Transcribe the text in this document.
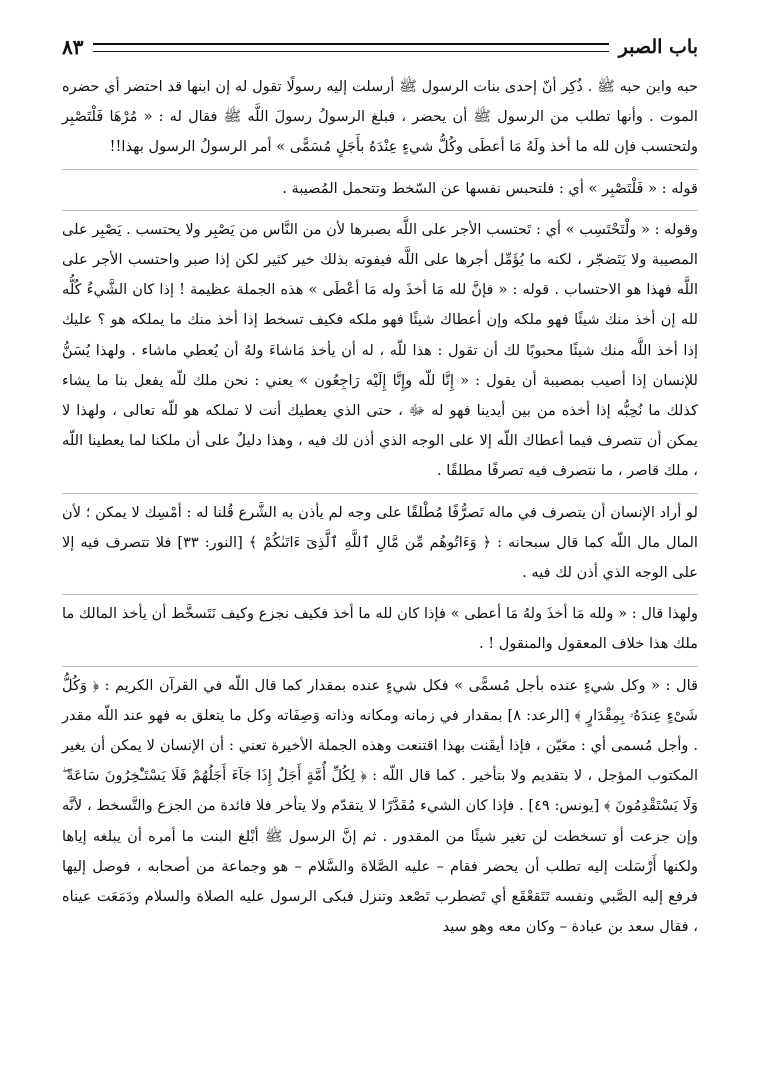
باب الصبر
٨٣

حبه وابن حبه ﷺ . ذُكِر أنّ إحدى بنات الرسول ﷺ أرسلت إليه رسولًا تقول له إن ابنها قد احتضر أي حضره الموت . وأنها تطلب من الرسول ﷺ أن يحضر ، فبلغ الرسولُ رسولَ اللَّه ﷺ فقال له : « مُرْهَا فَلْتَصْبِر ولتحتسب فإن لله ما أخذ ولَهُ مَا أعطَى وكُلُّ شيءٍ عِنْدَهُ بأَجَلٍ مُسَمًّى » أمر الرسولُ الرسول بهذا!!

قوله : « فَلْتَصْبِر » أي : فلتحبس نفسها عن السّخط وتتحمل المُصيبة .

وقوله : « ولْتَحْتَسِب » أي : تَحتسب الأجر على اللَّه بصبرها لأن من النَّاس من يَصْبِر ولا يحتسب . يَصْبِر على المصيبة ولا يَتَضجّر ، لكنه ما يُؤَمِّل أجرها على اللَّه فيفوته بذلك خير كثير لكن إذا صبر واحتسب الأجر على اللَّه فهذا هو الاحتساب . قوله : « فإنَّ لله مَا أخذَ وله مَا أعْطَى » هذه الجملة عظيمة ! إذا كان الشَّيءُ كُلُّه لله إن أخذ منك شيئًا فهو ملكه وإن أعطاك شيئًا فهو ملكه فكيف تسخط إذا أخذ منك ما يملكه هو ؟ عليك إذا أخذ اللَّه منك شيئًا محبوبًا لك أن تقول : هذا للّه ، له أن يأخذ مَاشاءَ ولهُ أن يُعطي ماشاء . ولهذا يُسَنُّ للإنسان إذا أصيب بمصيبة أن يقول : « إِنَّا للّه وإِنَّا إِلَيْه رَاجِعُون » يعني : نحن ملك للّه يفعل بنا ما يشاء كذلك ما نُحِبُّه إذا أخذه من بين أيدينا فهو له ﷻ ، حتى الذي يعطيك أنت لا تملكه هو للّه تعالى ، ولهذا لا يمكن أن تتصرف فيما أعطاك اللّه إلا على الوجه الذي أذن لك فيه ، وهذا دليلٌ على أن ملكنا لما يعطينا اللّه ، ملك قاصر ، ما نتصرف فيه تصرفًا مطلقًا .

لو أراد الإنسان أن يتصرف في ماله تَصرُّفًا مُطْلقًا على وجه لم يأذن به الشَّرع قُلنا له : أمْسِك لا يمكن ؛ لأن المال مال اللّه كما قال سبحانه : ﴿ وَءَاتُوهُم مِّن مَّالِ ٱللَّهِ ٱلَّذِىٓ ءَاتَىٰكُمْ ﴾ [النور: ٣٣] فلا تتصرف فيه إلا على الوجه الذي أذن لك فيه .

ولهذا قال : « ولله مَا أخذَ ولهُ مَا أعطى » فإذا كان لله ما أخذ فكيف نجزع وكيف نَتَسخَّط أن يأخذ المالك ما ملك هذا خلاف المعقول والمنقول ! .

قال : « وكل شيءٍ عنده بأجل مُسمًّى » فكل شيءٍ عنده بمقدار كما قال اللّه في القرآن الكريم : ﴿ وَكُلُّ شَىْءٍ عِندَهُۥ بِمِقْدَارٍ ﴾ [الرعد: ٨] بمقدار في زمانه ومكانه وذاته وَصِفَاته وكل ما يتعلق به فهو عند اللّه مقدر . وأجل مُسمى أي : معَيّن ، فإذا أيقَنت بهذا اقتنعت وهذه الجملة الأخيرة تعني : أن الإنسان لا يمكن أن يغير المكتوب المؤجل ، لا بتقديم ولا بتأخير . كما قال اللّه : ﴿ لِكُلِّ أُمَّةٍ أَجَلٌ إِذَا جَآءَ أَجَلُهُمْ فَلَا يَسْتَـْٔخِرُونَ سَاعَةً ۖ وَلَا يَسْتَقْدِمُونَ ﴾ [يونس: ٤٩] . فإذا كان الشيء مُقَدَّرًا لا يتقدّم ولا يتأخر فلا فائدة من الجزع والتَّسخط ، لأنَّه وإن جزعت أو تسخطت لن تغير شيئًا من المقدور . ثم إنَّ الرسول ﷺ أبْلغ البنت ما أمره أن يبلغه إياها ولكنها أَرْسَلت إليه تطلب أن يحضر فقام – عليه الصَّلاة والسَّلام – هو وجماعة من أصحابه ، فوصل إليها فرفع إليه الصَّبي ونفسه تَتَقعْقَع أي تَضطرب تَصْعد وتنزل فبكى الرسول عليه الصلاة والسلام ودَمَعَت عيناه ، فقال سعد بن عبادة – وكان معه وهو سيد
